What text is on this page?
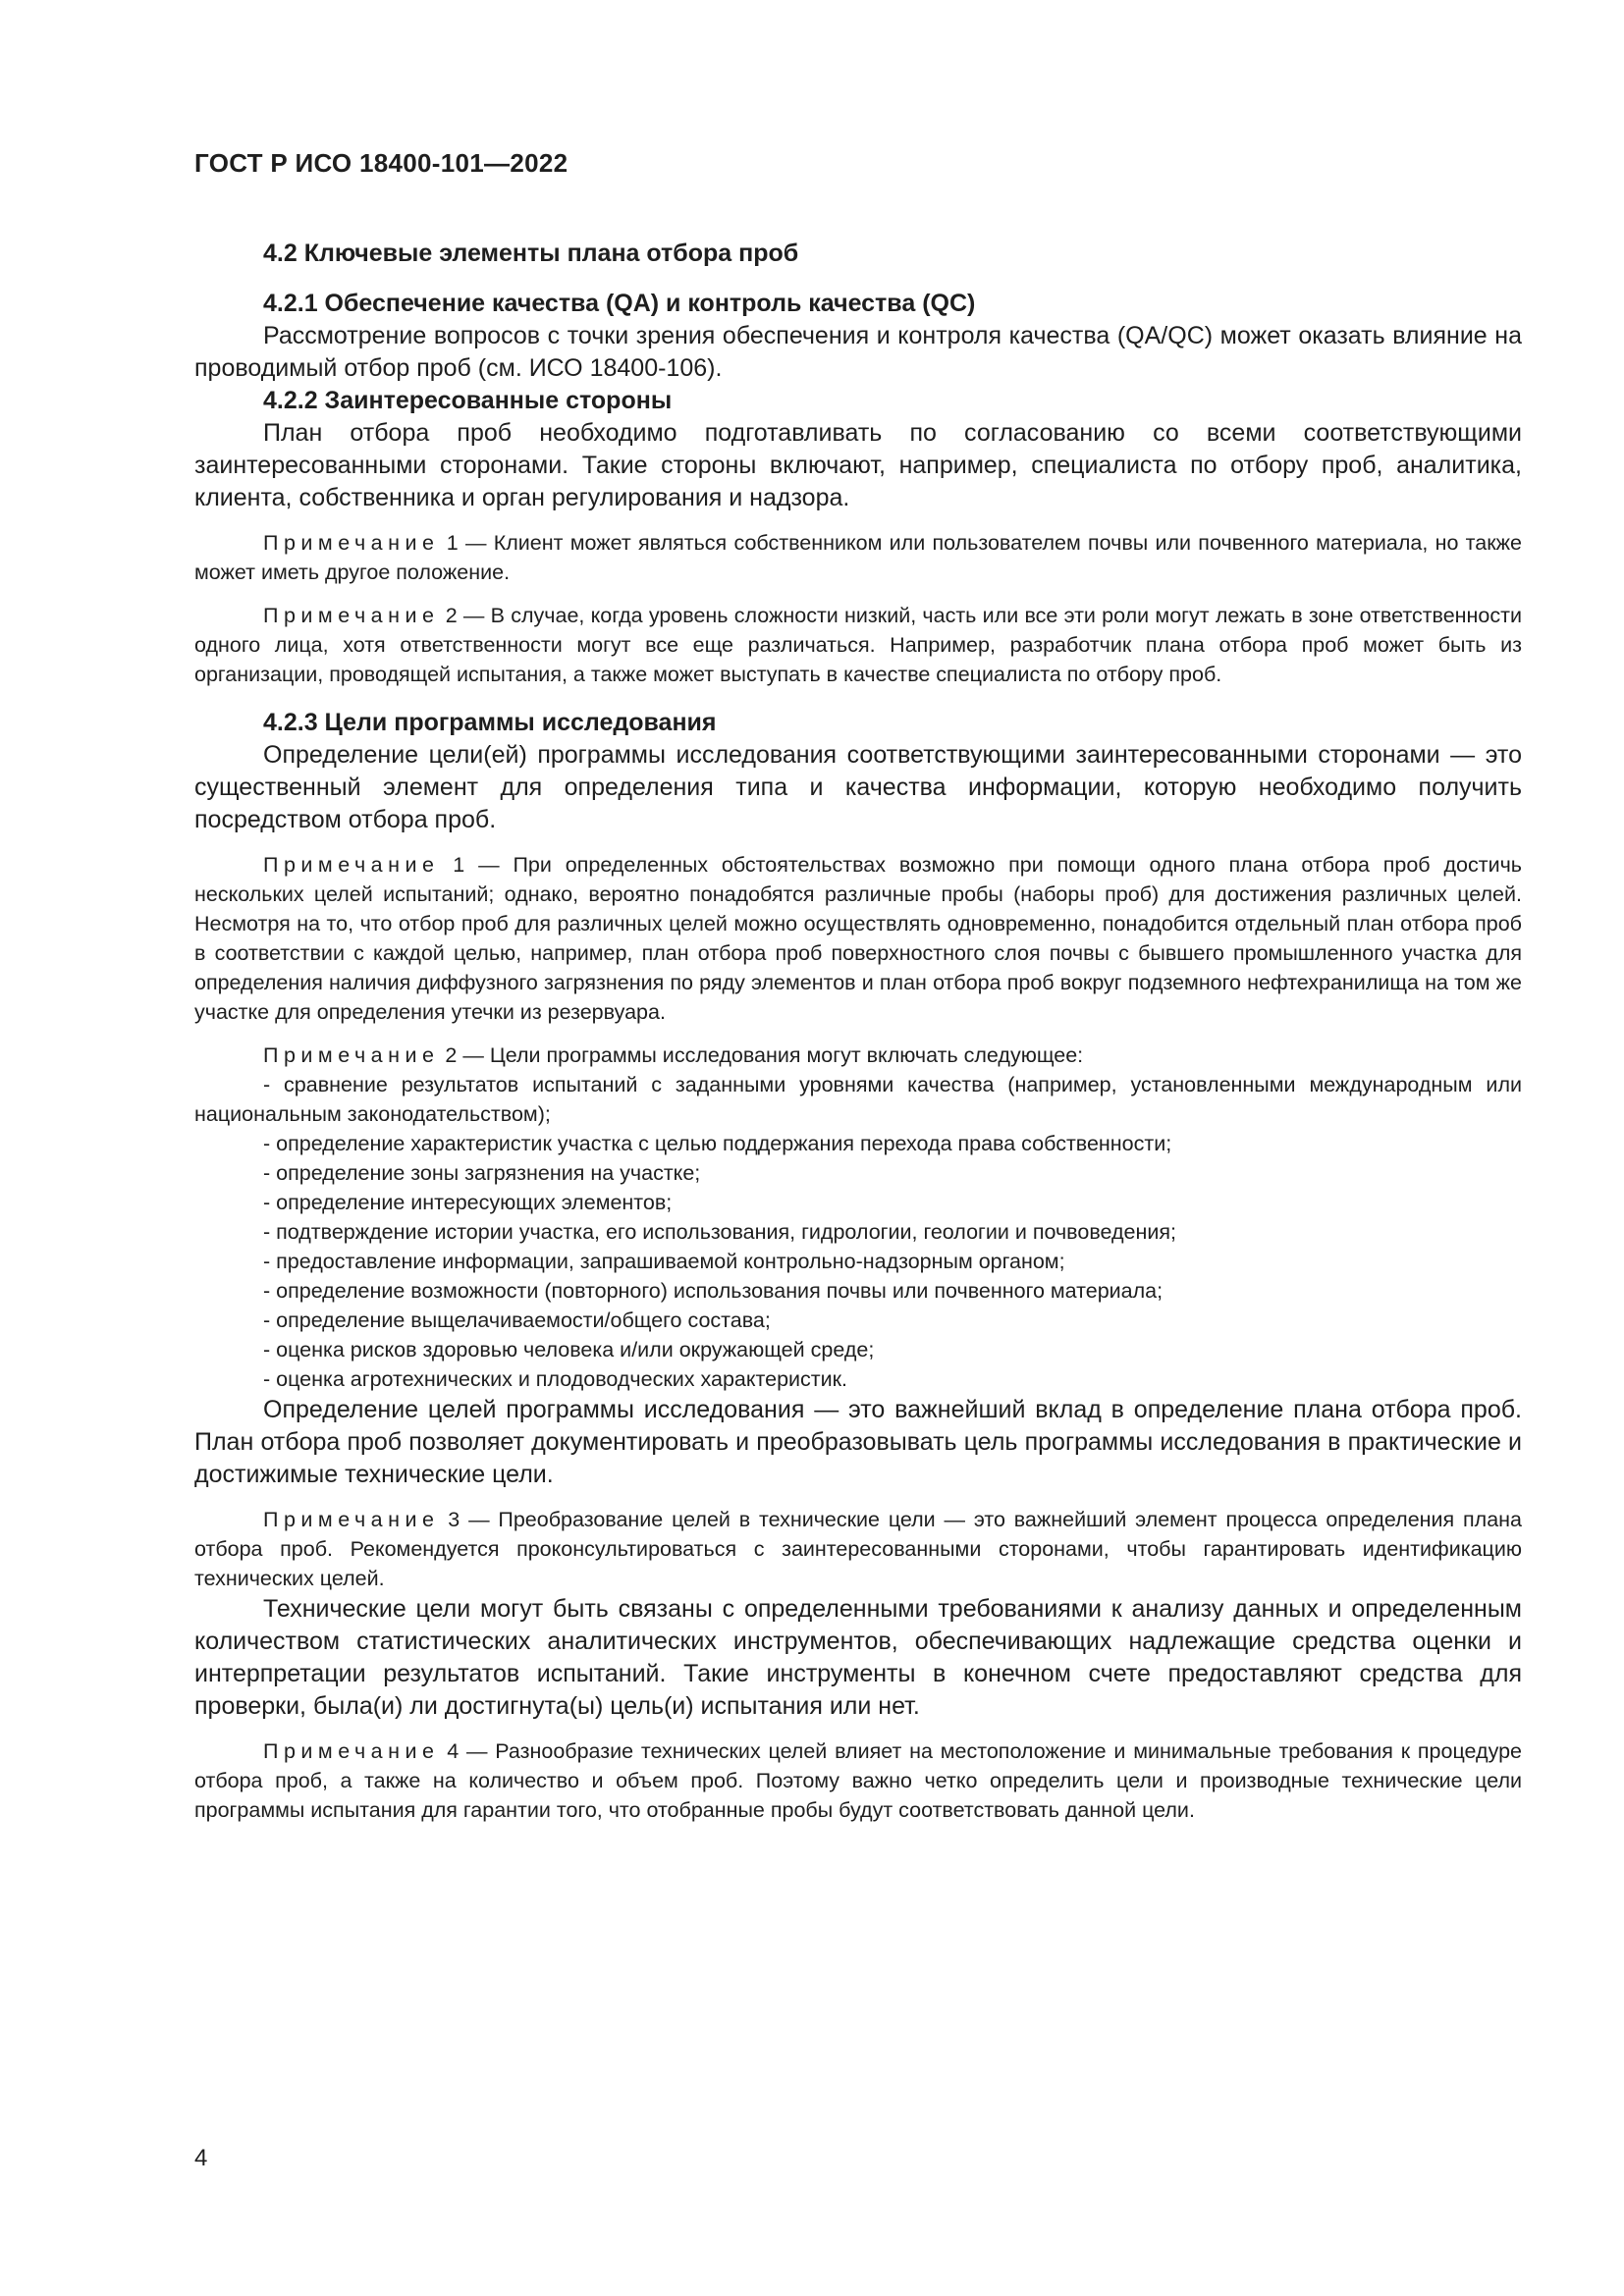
ГОСТ Р ИСО 18400-101—2022
4.2 Ключевые элементы плана отбора проб
4.2.1 Обеспечение качества (QA) и контроль качества (QC)

Рассмотрение вопросов с точки зрения обеспечения и контроля качества (QA/QC) может оказать влияние на проводимый отбор проб (см. ИСО 18400-106).

4.2.2 Заинтересованные стороны

План отбора проб необходимо подготавливать по согласованию со всеми соответствующими заинтересованными сторонами. Такие стороны включают, например, специалиста по отбору проб, аналитика, клиента, собственника и орган регулирования и надзора.

Примечание 1 — Клиент может являться собственником или пользователем почвы или почвенного материала, но также может иметь другое положение.

Примечание 2 — В случае, когда уровень сложности низкий, часть или все эти роли могут лежать в зоне ответственности одного лица, хотя ответственности могут все еще различаться. Например, разработчик плана отбора проб может быть из организации, проводящей испытания, а также может выступать в качестве специалиста по отбору проб.

4.2.3 Цели программы исследования

Определение цели(ей) программы исследования соответствующими заинтересованными сторонами — это существенный элемент для определения типа и качества информации, которую необходимо получить посредством отбора проб.

Примечание 1 — При определенных обстоятельствах возможно при помощи одного плана отбора проб достичь нескольких целей испытаний; однако, вероятно понадобятся различные пробы (наборы проб) для достижения различных целей. Несмотря на то, что отбор проб для различных целей можно осуществлять одновременно, понадобится отдельный план отбора проб в соответствии с каждой целью, например, план отбора проб поверхностного слоя почвы с бывшего промышленного участка для определения наличия диффузного загрязнения по ряду элементов и план отбора проб вокруг подземного нефтехранилища на том же участке для определения утечки из резервуара.

Примечание 2 — Цели программы исследования могут включать следующее:

- сравнение результатов испытаний с заданными уровнями качества (например, установленными международным или национальным законодательством);
- определение характеристик участка с целью поддержания перехода права собственности;
- определение зоны загрязнения на участке;
- определение интересующих элементов;
- подтверждение истории участка, его использования, гидрологии, геологии и почвоведения;
- предоставление информации, запрашиваемой контрольно-надзорным органом;
- определение возможности (повторного) использования почвы или почвенного материала;
- определение выщелачиваемости/общего состава;
- оценка рисков здоровью человека и/или окружающей среде;
- оценка агротехнических и плодоводческих характеристик.

Определение целей программы исследования — это важнейший вклад в определение плана отбора проб. План отбора проб позволяет документировать и преобразовывать цель программы исследования в практические и достижимые технические цели.

Примечание 3 — Преобразование целей в технические цели — это важнейший элемент процесса определения плана отбора проб. Рекомендуется проконсультироваться с заинтересованными сторонами, чтобы гарантировать идентификацию технических целей.

Технические цели могут быть связаны с определенными требованиями к анализу данных и определенным количеством статистических аналитических инструментов, обеспечивающих надлежащие средства оценки и интерпретации результатов испытаний. Такие инструменты в конечном счете предоставляют средства для проверки, была(и) ли достигнута(ы) цель(и) испытания или нет.

Примечание 4 — Разнообразие технических целей влияет на местоположение и минимальные требования к процедуре отбора проб, а также на количество и объем проб. Поэтому важно четко определить цели и производные технические цели программы испытания для гарантии того, что отобранные пробы будут соответствовать данной цели.

4
